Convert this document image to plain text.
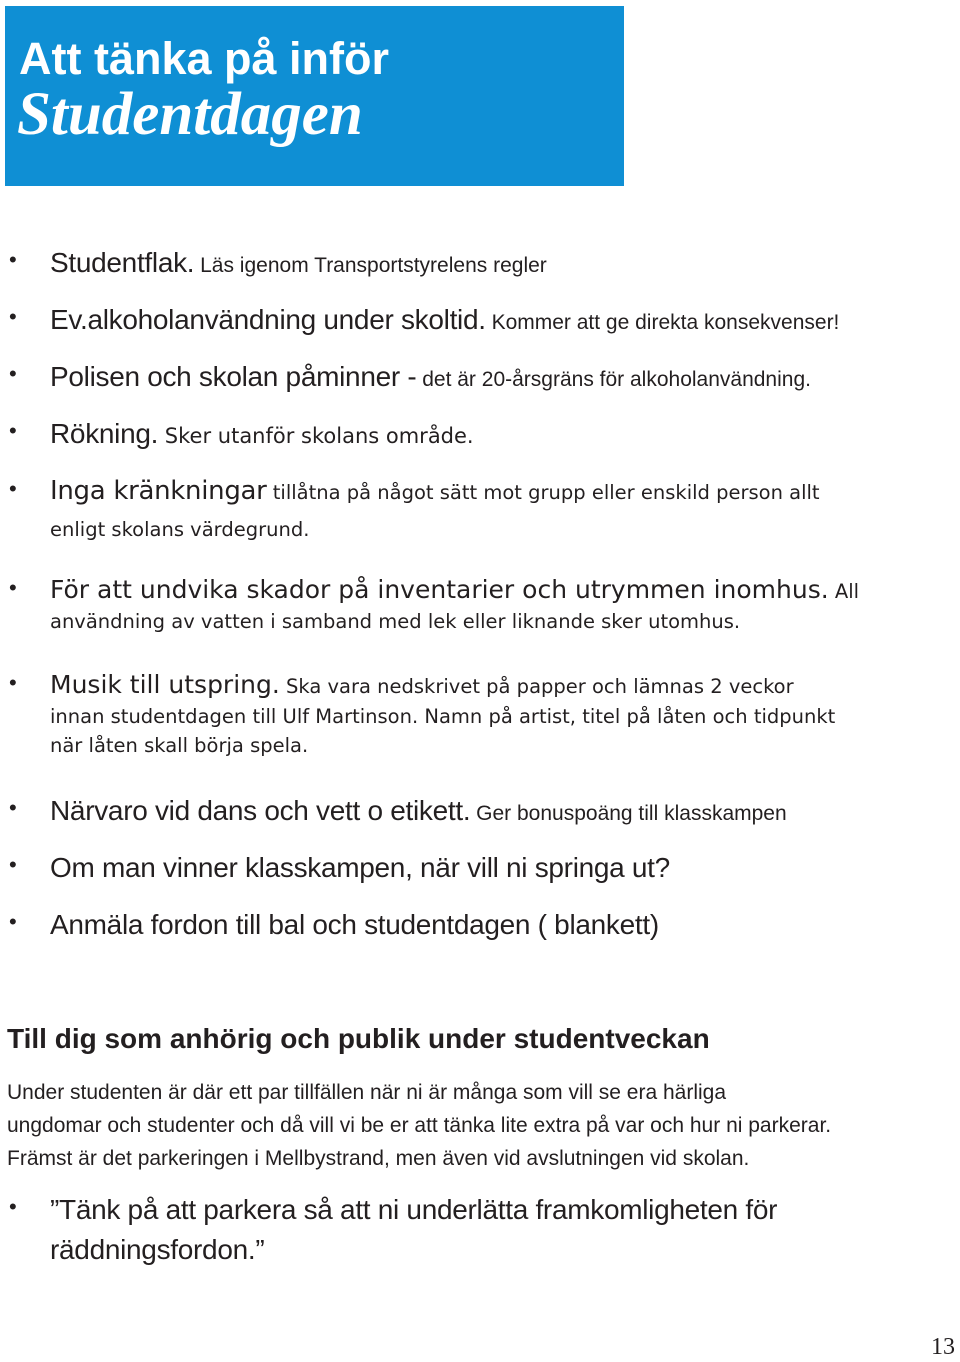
Att tänka på inför
Studentdagen
• Studentflak. Läs igenom Transportstyrelens regler
• Ev.alkoholanvändning under skoltid. Kommer att ge direkta konsekvenser!
• Polisen och skolan påminner - det är 20-årsgräns för alkoholanvändning.
• Rökning. Sker utanför skolans område.
• Inga kränkningar tillåtna på något sätt mot grupp eller enskild person allt
enligt skolans värdegrund.
• För att undvika skador på inventarier och utrymmen inomhus. All
användning av vatten i samband med lek eller liknande sker utomhus.
• Musik till utspring. Ska vara nedskrivet på papper och lämnas 2 veckor
innan studentdagen till Ulf Martinson. Namn på artist, titel på låten och tidpunkt
när låten skall börja spela.
• Närvaro vid dans och vett o etikett. Ger bonuspoäng till klasskampen
• Om man vinner klasskampen, när vill ni springa ut?
• Anmäla fordon till bal och studentdagen ( blankett)
Till dig som anhörig och publik under studentveckan
Under studenten är där ett par tillfällen när ni är många som vill se era härliga
ungdomar och studenter och då vill vi be er att tänka lite extra på var och hur ni parkerar.
Främst är det parkeringen i Mellbystrand, men även vid avslutningen vid skolan.
• ”Tänk på att parkera så att ni underlätta framkomligheten för
räddningsfordon.”
13
